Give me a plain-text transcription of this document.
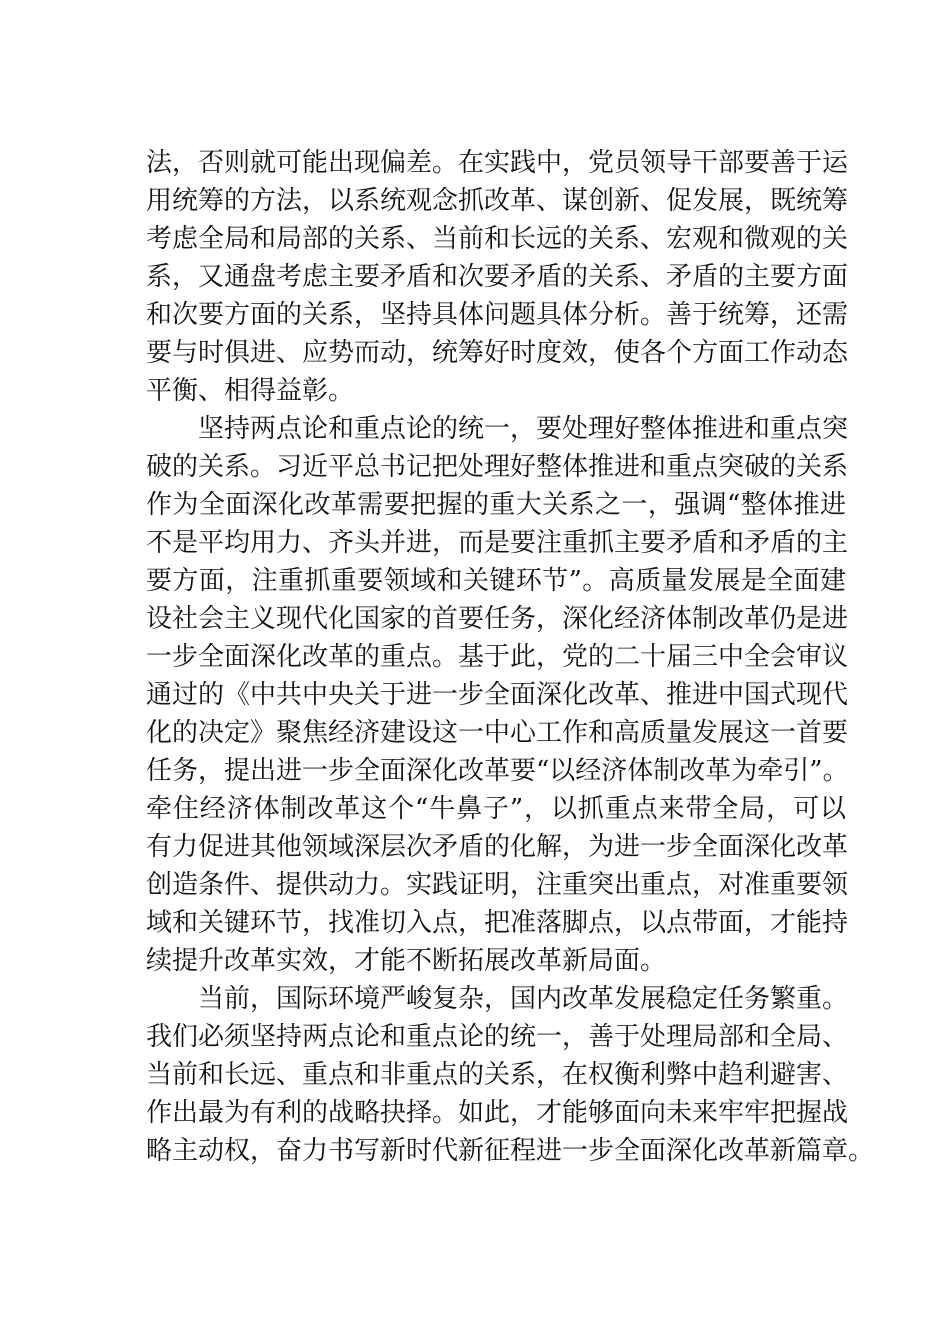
法，否则就可能出现偏差。在实践中，党员领导干部要善于运
用统筹的方法，以系统观念抓改革、谋创新、促发展，既统筹
考虑全局和局部的关系、当前和长远的关系、宏观和微观的关
系，又通盘考虑主要矛盾和次要矛盾的关系、矛盾的主要方面
和次要方面的关系，坚持具体问题具体分析。善于统筹，还需
要与时俱进、应势而动，统筹好时度效，使各个方面工作动态
平衡、相得益彰。
坚持两点论和重点论的统一，要处理好整体推进和重点突
破的关系。习近平总书记把处理好整体推进和重点突破的关系
作为全面深化改革需要把握的重大关系之一，强调“整体推进
不是平均用力、齐头并进，而是要注重抓主要矛盾和矛盾的主
要方面，注重抓重要领域和关键环节”。高质量发展是全面建
设社会主义现代化国家的首要任务，深化经济体制改革仍是进
一步全面深化改革的重点。基于此，党的二十届三中全会审议
通过的《中共中央关于进一步全面深化改革、推进中国式现代
化的决定》聚焦经济建设这一中心工作和高质量发展这一首要
任务，提出进一步全面深化改革要“以经济体制改革为牵引”。
牵住经济体制改革这个“牛鼻子”，以抓重点来带全局，可以
有力促进其他领域深层次矛盾的化解，为进一步全面深化改革
创造条件、提供动力。实践证明，注重突出重点，对准重要领
域和关键环节，找准切入点，把准落脚点，以点带面，才能持
续提升改革实效，才能不断拓展改革新局面。
当前，国际环境严峻复杂，国内改革发展稳定任务繁重。
我们必须坚持两点论和重点论的统一，善于处理局部和全局、
当前和长远、重点和非重点的关系，在权衡利弊中趋利避害、
作出最为有利的战略抉择。如此，才能够面向未来牢牢把握战
略主动权，奋力书写新时代新征程进一步全面深化改革新篇章。
